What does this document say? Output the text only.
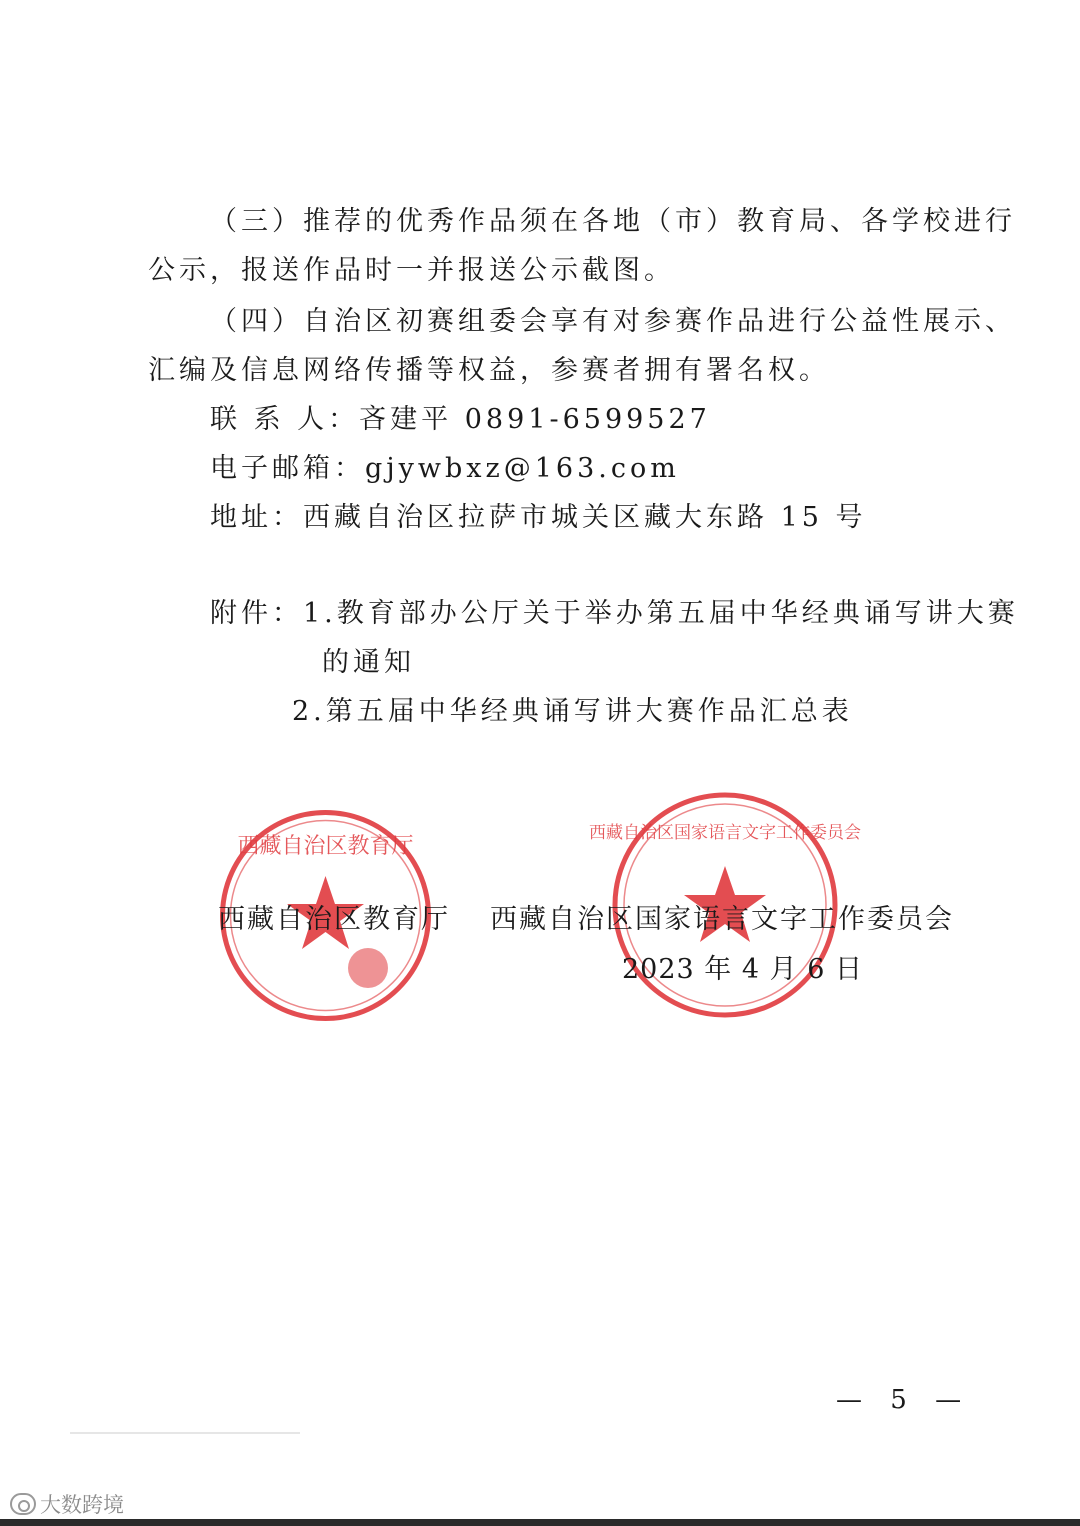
（三）推荐的优秀作品须在各地（市）教育局、各学校进行
公示，报送作品时一并报送公示截图。
（四）自治区初赛组委会享有对参赛作品进行公益性展示、
汇编及信息网络传播等权益，参赛者拥有署名权。
联 系 人：吝建平 0891-6599527
电子邮箱：gjywbxz@163.com
地址：西藏自治区拉萨市城关区藏大东路 15 号
附件：1.教育部办公厅关于举办第五届中华经典诵写讲大赛
的通知
2.第五届中华经典诵写讲大赛作品汇总表
西藏自治区教育厅
西藏自治区国家语言文字工作委员会
西藏自治区教育厅 西藏自治区国家语言文字工作委员会
2023 年 4 月 6 日
— 5 —
大数跨境
